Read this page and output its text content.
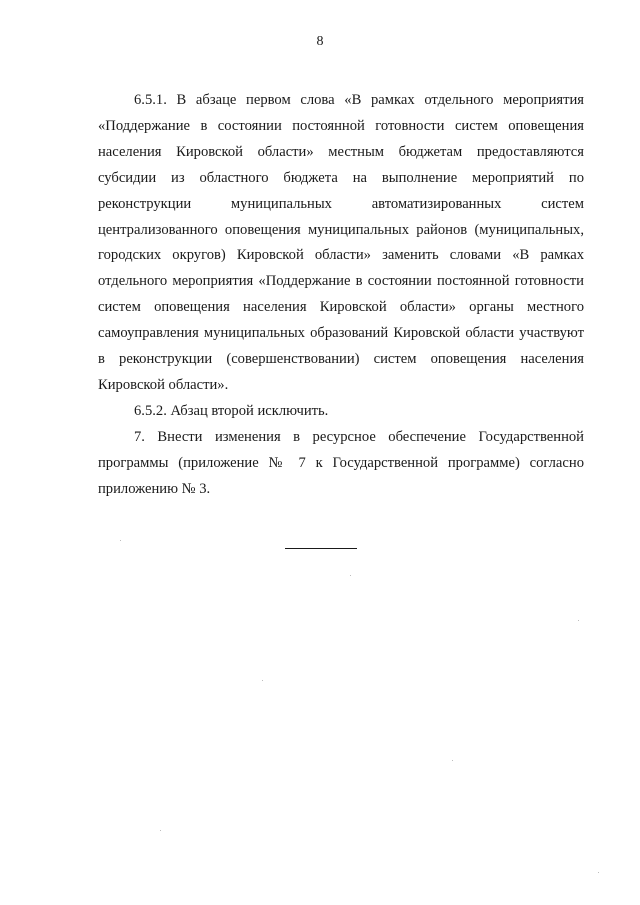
8

6.5.1. В абзаце первом слова «В рамках отдельного мероприятия «Поддержание в состоянии постоянной готовности систем оповещения населения Кировской области» местным бюджетам предоставляются субсидии из областного бюджета на выполнение мероприятий по реконструкции муниципальных автоматизированных систем централизованного оповещения муниципальных районов (муниципальных, городских округов) Кировской области» заменить словами «В рамках отдельного мероприятия «Поддержание в состоянии постоянной готовности систем оповещения населения Кировской области» органы местного самоуправления муниципальных образований Кировской области участвуют в реконструкции (совершенствовании) систем оповещения населения Кировской области».

6.5.2. Абзац второй исключить.

7. Внести изменения в ресурсное обеспечение Государственной программы (приложение № 7 к Государственной программе) согласно приложению № 3.
